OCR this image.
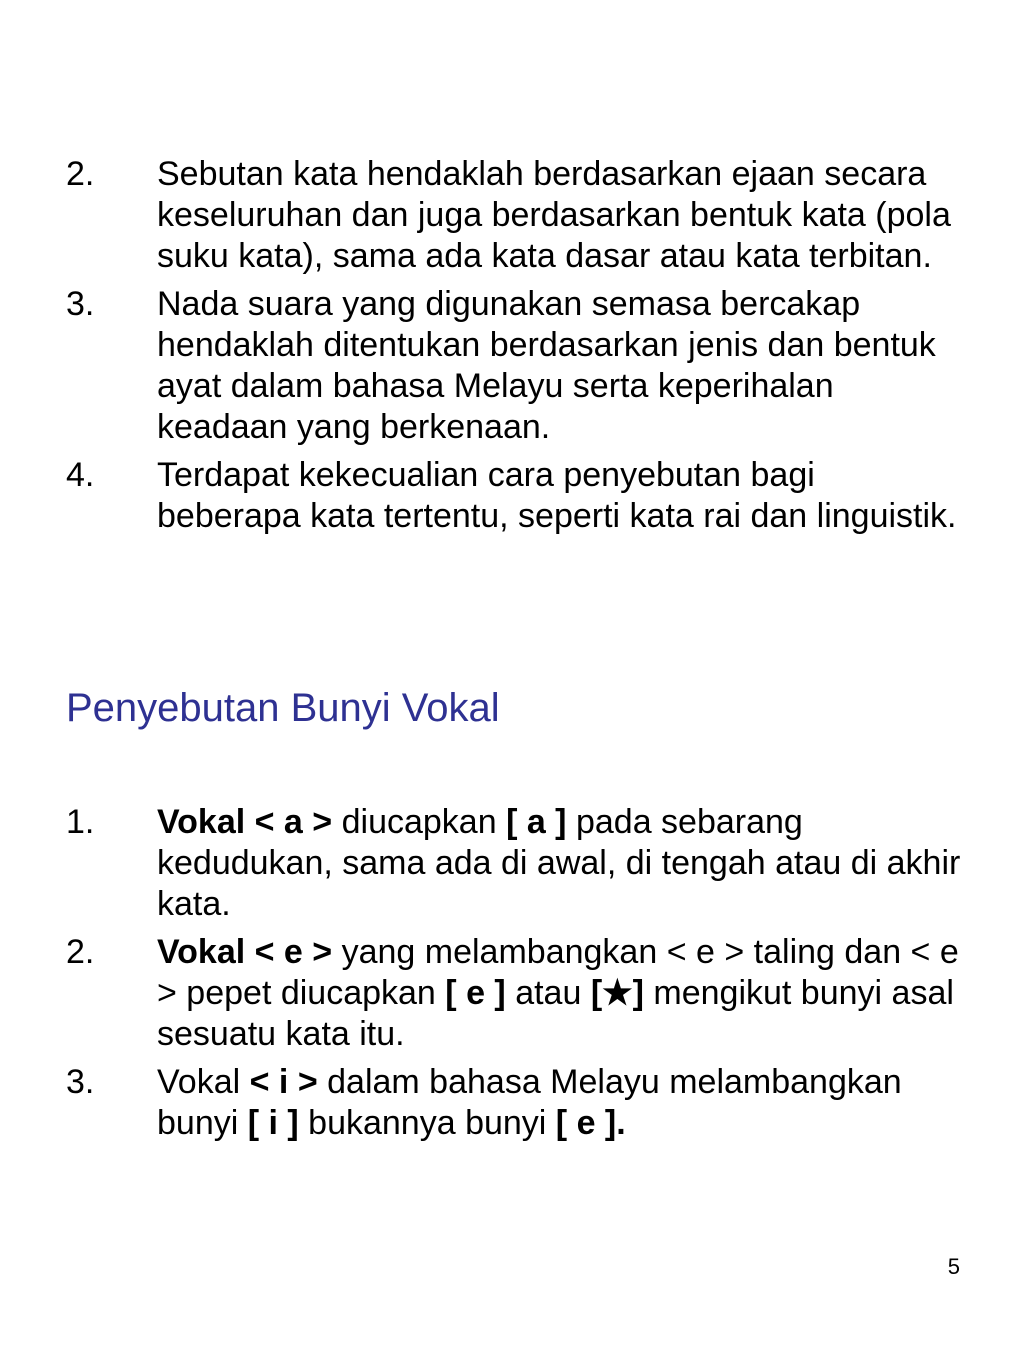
2.	Sebutan kata hendaklah berdasarkan ejaan secara keseluruhan dan juga berdasarkan bentuk kata (pola suku kata), sama ada kata dasar atau kata terbitan.
3.	Nada suara yang digunakan semasa bercakap hendaklah ditentukan berdasarkan jenis dan bentuk ayat dalam bahasa Melayu serta keperihalan keadaan yang berkenaan.
4.	Terdapat kekecualian cara penyebutan bagi beberapa kata tertentu, seperti kata rai dan linguistik.
Penyebutan Bunyi Vokal
1.	Vokal < a > diucapkan [ a ] pada sebarang kedudukan, sama ada di awal, di tengah atau di akhir kata.
2.	Vokal < e > yang melambangkan < e > taling dan < e > pepet diucapkan [ e ] atau [★] mengikut bunyi asal sesuatu kata itu.
3.	Vokal < i > dalam bahasa Melayu melambangkan bunyi [ i ] bukannya bunyi [ e ].
5
